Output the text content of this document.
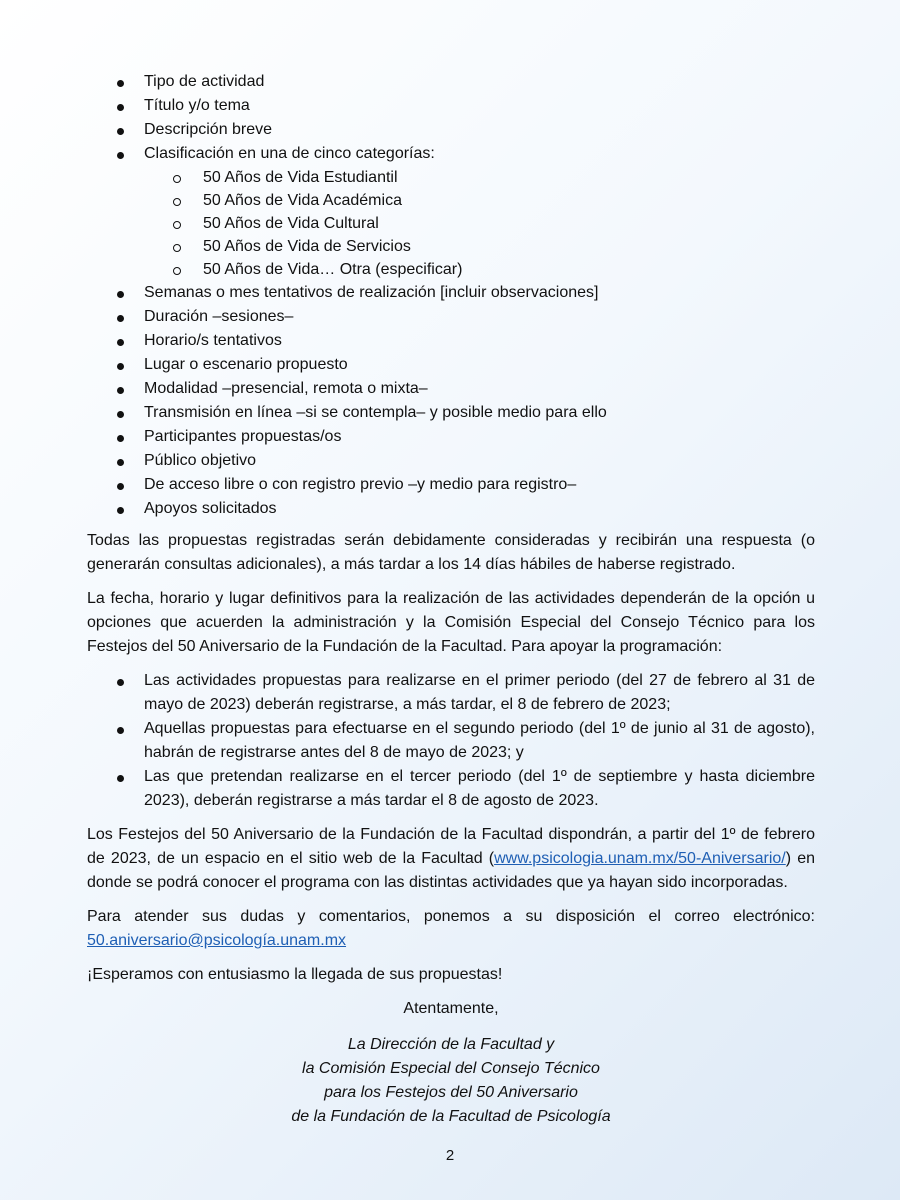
Tipo de actividad
Título y/o tema
Descripción breve
Clasificación en una de cinco categorías:
50 Años de Vida Estudiantil
50 Años de Vida Académica
50 Años de Vida Cultural
50 Años de Vida de Servicios
50 Años de Vida… Otra (especificar)
Semanas o mes tentativos de realización [incluir observaciones]
Duración –sesiones–
Horario/s tentativos
Lugar o escenario propuesto
Modalidad –presencial, remota o mixta–
Transmisión en línea –si se contempla– y posible medio para ello
Participantes propuestas/os
Público objetivo
De acceso libre o con registro previo –y medio para registro–
Apoyos solicitados

Todas las propuestas registradas serán debidamente consideradas y recibirán una respuesta (o generarán consultas adicionales), a más tardar a los 14 días hábiles de haberse registrado.

La fecha, horario y lugar definitivos para la realización de las actividades dependerán de la opción u opciones que acuerden la administración y la Comisión Especial del Consejo Técnico para los Festejos del 50 Aniversario de la Fundación de la Facultad. Para apoyar la programación:

Las actividades propuestas para realizarse en el primer periodo (del 27 de febrero al 31 de mayo de 2023) deberán registrarse, a más tardar, el 8 de febrero de 2023;
Aquellas propuestas para efectuarse en el segundo periodo (del 1º de junio al 31 de agosto), habrán de registrarse antes del 8 de mayo de 2023; y
Las que pretendan realizarse en el tercer periodo (del 1º de septiembre y hasta diciembre 2023), deberán registrarse a más tardar el 8 de agosto de 2023.

Los Festejos del 50 Aniversario de la Fundación de la Facultad dispondrán, a partir del 1º de febrero de 2023, de un espacio en el sitio web de la Facultad (www.psicologia.unam.mx/50-Aniversario/) en donde se podrá conocer el programa con las distintas actividades que ya hayan sido incorporadas.

Para atender sus dudas y comentarios, ponemos a su disposición el correo electrónico: 50.aniversario@psicología.unam.mx

¡Esperamos con entusiasmo la llegada de sus propuestas!

Atentamente,
La Dirección de la Facultad y
la Comisión Especial del Consejo Técnico
para los Festejos del 50 Aniversario
de la Fundación de la Facultad de Psicología
2
